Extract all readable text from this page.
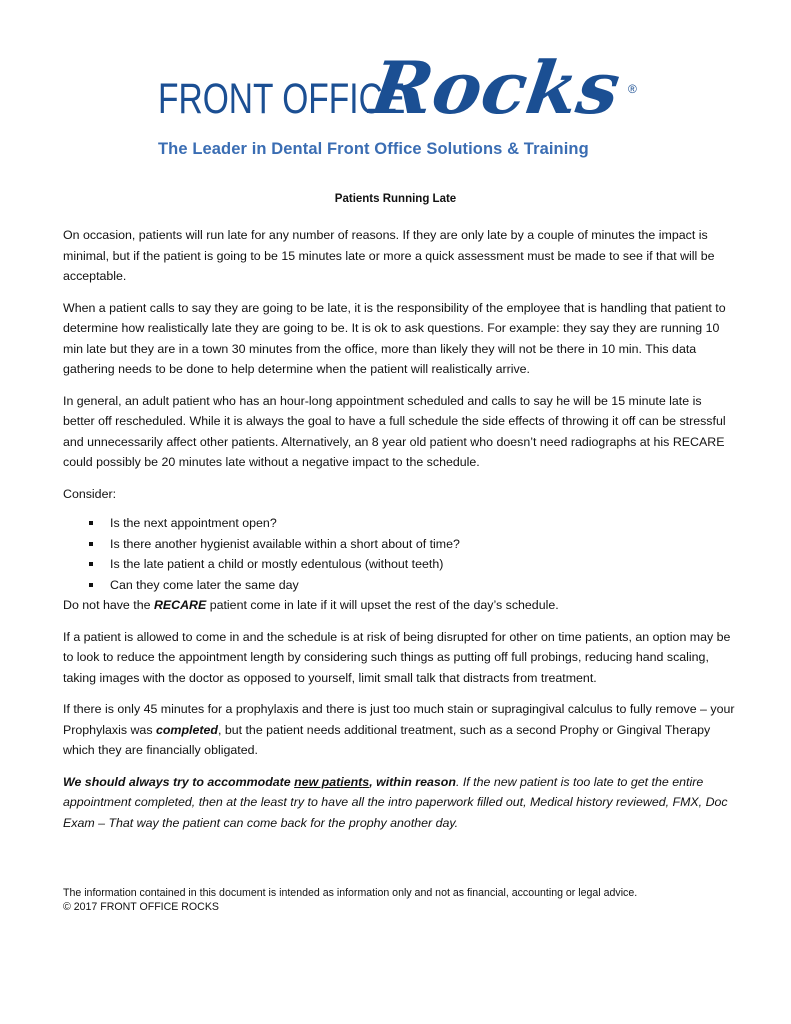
FRONT OFFICE
Rocks ®
The Leader in Dental Front Office Solutions & Training
Patients Running Late

On occasion, patients will run late for any number of reasons. If they are only late by a couple of minutes the impact is minimal, but if the patient is going to be 15 minutes late or more a quick assessment must be made to see if that will be acceptable.

When a patient calls to say they are going to be late, it is the responsibility of the employee that is handling that patient to determine how realistically late they are going to be. It is ok to ask questions. For example: they say they are running 10 min late but they are in a town 30 minutes from the office, more than likely they will not be there in 10 min. This data gathering needs to be done to help determine when the patient will realistically arrive.

In general, an adult patient who has an hour-long appointment scheduled and calls to say he will be 15 minute late is better off rescheduled. While it is always the goal to have a full schedule the side effects of throwing it off can be stressful and unnecessarily affect other patients. Alternatively, an 8 year old patient who doesn’t need radiographs at his RECARE could possibly be 20 minutes late without a negative impact to the schedule.

Consider:

Is the next appointment open?
Is there another hygienist available within a short about of time?
Is the late patient a child or mostly edentulous (without teeth)
Can they come later the same day

Do not have the RECARE patient come in late if it will upset the rest of the day’s schedule.

If a patient is allowed to come in and the schedule is at risk of being disrupted for other on time patients, an option may be to look to reduce the appointment length by considering such things as putting off full probings, reducing hand scaling, taking images with the doctor as opposed to yourself, limit small talk that distracts from treatment.

If there is only 45 minutes for a prophylaxis and there is just too much stain or supragingival calculus to fully remove – your Prophylaxis was completed, but the patient needs additional treatment, such as a second Prophy or Gingival Therapy which they are financially obligated.

We should always try to accommodate new patients, within reason. If the new patient is too late to get the entire appointment completed, then at the least try to have all the intro paperwork filled out, Medical history reviewed, FMX, Doc Exam – That way the patient can come back for the prophy another day.

The information contained in this document is intended as information only and not as financial, accounting or legal advice.
© 2017 FRONT OFFICE ROCKS
